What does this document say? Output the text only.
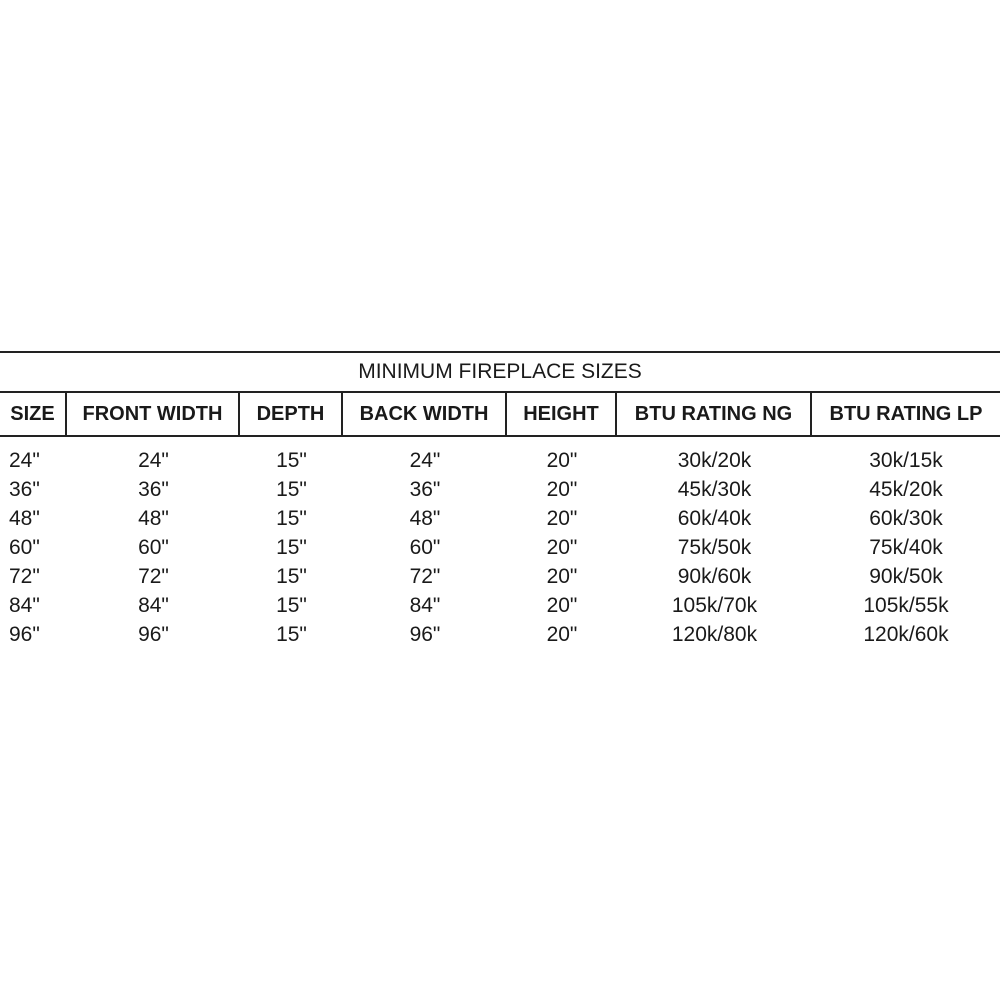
MINIMUM FIREPLACE SIZES
SIZE	FRONT WIDTH	DEPTH	BACK WIDTH	HEIGHT	BTU RATING NG	BTU RATING LP
24"	24"	15"	24"	20"	30k/20k	30k/15k
36"	36"	15"	36"	20"	45k/30k	45k/20k
48"	48"	15"	48"	20"	60k/40k	60k/30k
60"	60"	15"	60"	20"	75k/50k	75k/40k
72"	72"	15"	72"	20"	90k/60k	90k/50k
84"	84"	15"	84"	20"	105k/70k	105k/55k
96"	96"	15"	96"	20"	120k/80k	120k/60k
